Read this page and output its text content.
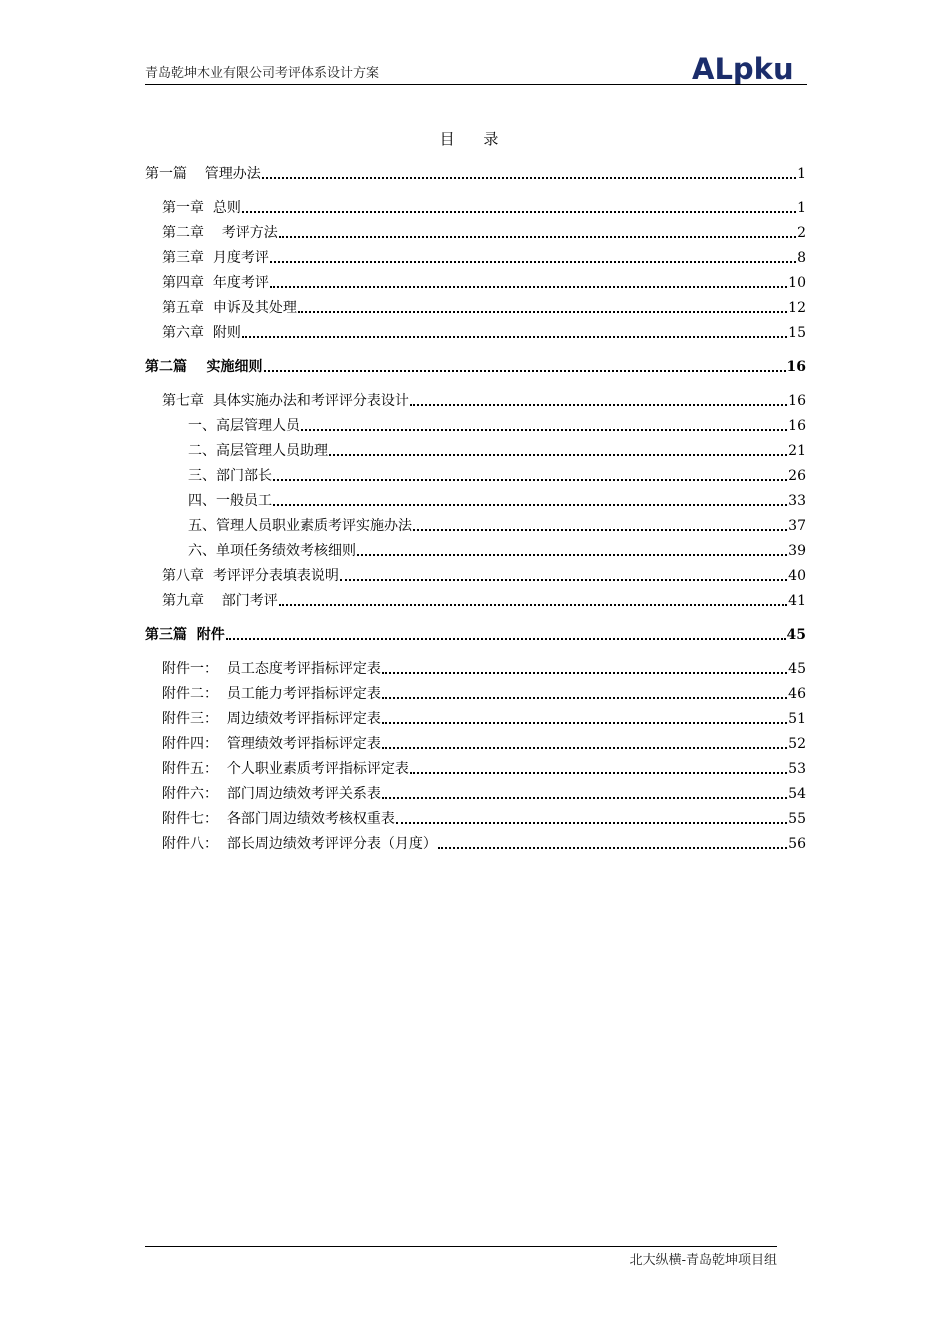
青岛乾坤木业有限公司考评体系设计方案	ALpku
目 录
第一篇    管理办法	1
第一章  总则	1
第二章    考评方法	2
第三章  月度考评	8
第四章  年度考评	10
第五章  申诉及其处理	12
第六章  附则	15
第二篇    实施细则	16
第七章  具体实施办法和考评评分表设计	16
一、高层管理人员	16
二、高层管理人员助理	21
三、部门部长	26
四、一般员工	33
五、管理人员职业素质考评实施办法	37
六、单项任务绩效考核细则	39
第八章  考评评分表填表说明	40
第九章    部门考评	41
第三篇  附件	45
附件一：  员工态度考评指标评定表	45
附件二：  员工能力考评指标评定表	46
附件三：  周边绩效考评指标评定表	51
附件四：  管理绩效考评指标评定表	52
附件五：  个人职业素质考评指标评定表	53
附件六：  部门周边绩效考评关系表	54
附件七：  各部门周边绩效考核权重表	55
附件八：  部长周边绩效考评评分表（月度）	56
北大纵横-青岛乾坤项目组
